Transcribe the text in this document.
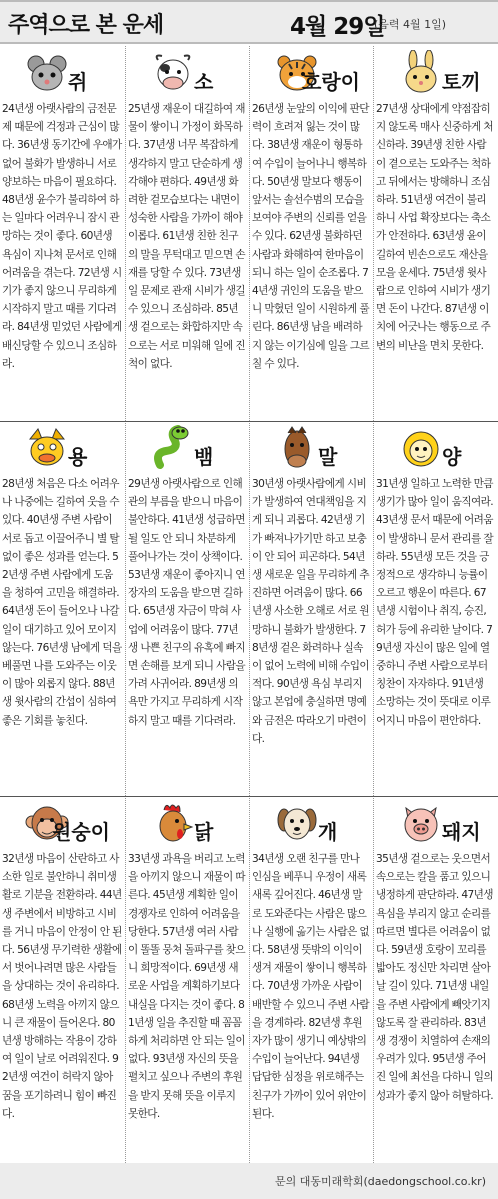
주역으로 본 운세	4월 29일
(음력 4월 1일)
쥐
24년생 아랫사람의 금전문제 때문에 걱정과 근심이 많다. 36년생 동기간에 우애가 없어 불화가 발생하니 서로 양보하는 마음이 필요하다. 48년생 윤수가 불리하여 하는 일마다 어려우니 잠시 관망하는 것이 좋다. 60년생 욕심이 지나쳐 문서로 인해 어려움을 겪는다. 72년생 시기가 좋지 않으니 무리하게 시작하지 말고 때를 기다려라. 84년생 믿었던 사람에게 배신당할 수 있으니 조심하라.
소
25년생 재운이 대길하여 재물이 쌓이니 가정이 화목하다. 37년생 너무 복잡하게 생각하지 말고 단순하게 생각해야 편하다. 49년생 화려한 겉모습보다는 내면이 성숙한 사람을 가까이 해야 이롭다. 61년생 친한 친구의 말을 무턱대고 믿으면 손재를 당할 수 있다. 73년생 일 문제로 관재 시비가 생길 수 있으니 조심하라. 85년생 겉으로는 화합하지만 속으로는 서로 미워해 일에 진척이 없다.
호랑이
26년생 눈앞의 이익에 판단력이 흐려져 잃는 것이 많다. 38년생 재운이 형통하여 수입이 늘어나니 행복하다. 50년생 말보다 행동이 앞서는 솔선수범의 모습을 보여야 주변의 신뢰를 얻을 수 있다. 62년생 불화하던 사람과 화해하여 한마음이 되니 하는 일이 순조롭다. 74년생 귀인의 도움을 받으니 막혔던 일이 시원하게 풀린다. 86년생 남을 배려하지 않는 이기심에 일을 그르칠 수 있다.
토끼
27년생 상대에게 약점잡히지 않도록 매사 신중하게 처신하라. 39년생 친한 사람이 곁으로는 도와주는 척하고 뒤에서는 방해하니 조심하라. 51년생 여건이 불리하니 사업 확장보다는 축소가 안전하다. 63년생 윤이 길하여 빈손으로도 재산을 모을 운세다. 75년생 윗사람으로 인하여 시비가 생기면 돈이 나간다. 87년생 이치에 어긋나는 행동으로 주변의 비난을 면치 못한다.
용
28년생 처음은 다소 어려우나 나중에는 길하여 웃을 수 있다. 40년생 주변 사람이 서로 돕고 이끌어주니 별 탈 없이 좋은 성과를 얻는다. 52년생 주변 사람에게 도움을 청하여 고민을 해결하라. 64년생 돈이 들어오나 나갈 일이 대기하고 있어 모이지 않는다. 76년생 남에게 덕을 베풀면 나를 도와주는 이웃이 많아 외롭지 않다. 88년생 윗사람의 간섭이 심하여 좋은 기회를 놓친다.
뱀
29년생 아랫사람으로 인해 관의 부름을 받으니 마음이 불안하다. 41년생 성급하면 될 일도 안 되니 차분하게 풀어나가는 것이 상책이다. 53년생 재운이 좋아지니 연장자의 도움을 받으면 길하다. 65년생 자금이 막혀 사업에 어려움이 많다. 77년생 나쁜 친구의 유혹에 빠지면 손해를 보게 되니 사람을 가려 사귀어라. 89년생 의욕만 가지고 무리하게 시작하지 말고 때를 기다려라.
말
30년생 아랫사람에게 시비가 발생하여 연대책임을 지게 되니 괴롭다. 42년생 기가 빠져나가기만 하고 보충이 안 되어 피곤하다. 54년생 새로운 일을 무리하게 추진하면 어려움이 많다. 66년생 사소한 오해로 서로 원망하니 불화가 발생한다. 78년생 겉은 화려하나 실속이 없어 노력에 비해 수입이 적다. 90년생 욕심 부리지 않고 본업에 충실하면 명예와 금전은 따라오기 마련이다.
양
31년생 일하고 노력한 만큼 생기가 많아 일이 움직여라. 43년생 문서 때문에 어려움이 발생하니 문서 관리를 잘 하라. 55년생 모든 것을 긍정적으로 생각하니 능률이 오르고 행운이 따른다. 67년생 시험이나 취직, 승진, 허가 등에 유리한 날이다. 79년생 자신이 많은 일에 열중하니 주변 사람으로부터 칭찬이 자자하다. 91년생 소망하는 것이 뜻대로 이루어지니 마음이 편안하다.
원숭이
32년생 마음이 산란하고 사소한 일로 불안하니 취미생활로 기분을 전환하라. 44년생 주변에서 비방하고 시비를 거니 마음이 안정이 안 된다. 56년생 무기력한 생활에서 벗어나려면 많은 사람들을 상대하는 것이 유리하다. 68년생 노력을 아끼지 않으니 큰 재물이 들어온다. 80년생 방해하는 작용이 강하여 일이 날로 어려워진다. 92년생 여건이 허락지 않아 꿈을 포기하려니 힘이 빠진다.
닭
33년생 과욕을 버리고 노력을 아끼지 않으니 재물이 따른다. 45년생 계획한 일이 경쟁자로 인하여 어려움을 당한다. 57년생 여러 사람이 똘똘 뭉쳐 돌파구를 찾으니 희망적이다. 69년생 새로운 사업을 계획하기보다 내실을 다지는 것이 좋다. 81년생 일을 추진할 때 꼼꼼하게 처리하면 안 되는 일이 없다. 93년생 자신의 뜻을 펼치고 싶으나 주변의 후원을 받지 못해 뜻을 이루지 못한다.
개
34년생 오랜 친구를 만나 인심을 베푸니 우정이 새록새록 깊어진다. 46년생 말로 도와준다는 사람은 많으나 실행에 옮기는 사람은 없다. 58년생 뜻밖의 이익이 생겨 재물이 쌓이니 행복하다. 70년생 가까운 사람이 배반할 수 있으니 주변 사람을 경계하라. 82년생 후원자가 많이 생기니 예상밖의 수입이 늘어난다. 94년생 답답한 심정을 위로해주는 친구가 가까이 있어 위안이 된다.
돼지
35년생 겉으로는 웃으면서 속으로는 칼을 품고 있으니 냉정하게 판단하라. 47년생 욕심을 부리지 않고 순리를 따르면 별다른 어려움이 없다. 59년생 호랑이 꼬리를 밟아도 정신만 차리면 살아날 길이 있다. 71년생 내일을 주변 사람에게 빼앗기지 않도록 잘 관리하라. 83년생 경쟁이 치열하여 손재의 우려가 있다. 95년생 주어진 일에 최선을 다하니 일의 성과가 좋지 않아 허탈하다.
문의 대동미래학회(daedongschool.co.kr)
